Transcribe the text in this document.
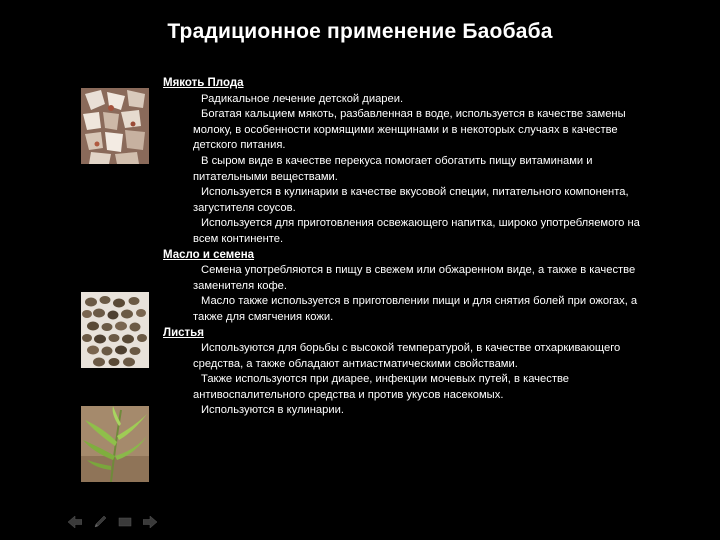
Традиционное применение Баобаба
Мякоть Плода

Радикальное лечение детской диареи.

Богатая кальцием мякоть, разбавленная в воде, используется в качестве замены молоку, в особенности кормящими женщинами и в некоторых случаях в качестве детского питания.

В сыром виде в качестве перекуса помогает обогатить пищу витаминами и питательными веществами.

Используется в кулинарии в качестве вкусовой специи, питательного компонента, загустителя соусов.

Используется для приготовления освежающего напитка, широко употребляемого на всем континенте.

Масло и семена

Семена употребляются в пищу в свежем или обжаренном виде, а также в качестве заменителя кофе.

Масло также используется в приготовлении пищи и для снятия болей при ожогах, а также для смягчения кожи.

Листья

Используются для борьбы с высокой температурой, в качестве отхаркивающего средства, а также обладают антиастматическими свойствами.

Также используются при диарее, инфекции мочевых путей, в качестве антивоспалительного средства и против укусов насекомых.

Используются в кулинарии.
